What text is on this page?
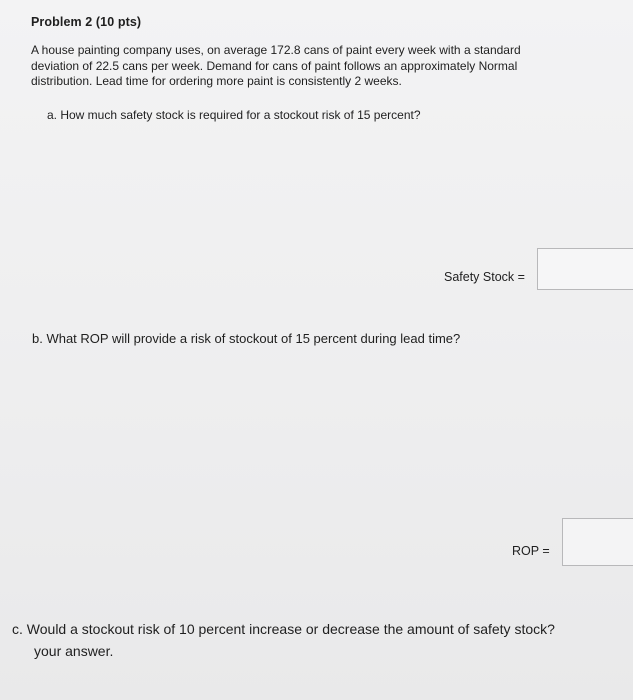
Problem 2 (10 pts)
A house painting company uses, on average 172.8 cans of paint every week with a standard
deviation of 22.5 cans per week. Demand for cans of paint follows an approximately Normal
distribution. Lead time for ordering more paint is consistently 2 weeks.
a. How much safety stock is required for a stockout risk of 15 percent?
Safety Stock =
b. What ROP will provide a risk of stockout of 15 percent during lead time?
ROP =
c. Would a stockout risk of 10 percent increase or decrease the amount of safety stock?
your answer.
